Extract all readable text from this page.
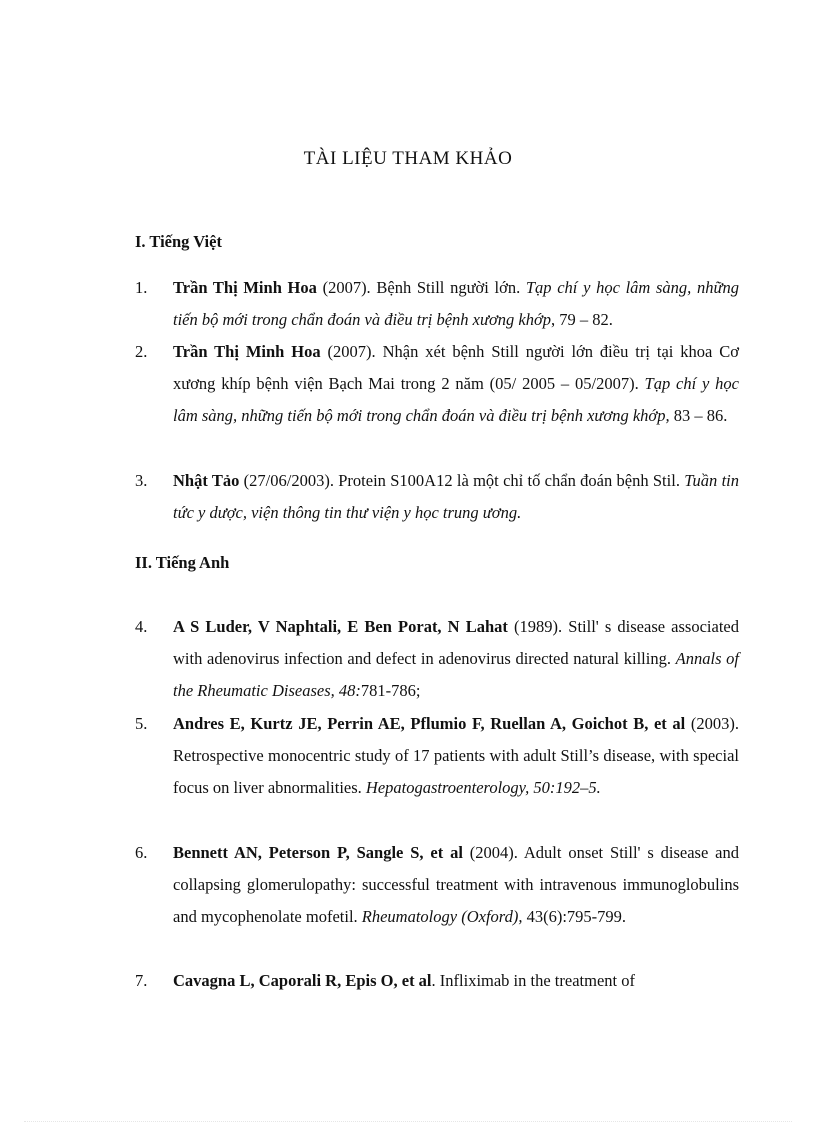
TÀI LIỆU THAM KHẢO
I. Tiếng Việt
1. Trần Thị Minh Hoa (2007). Bệnh Still người lớn. Tạp chí y học lâm sàng, những tiến bộ mới trong chẩn đoán và điều trị bệnh xương khớp, 79 – 82.
2. Trần Thị Minh Hoa (2007). Nhận xét bệnh Still người lớn điều trị tại khoa Cơ xương khíp bệnh viện Bạch Mai trong 2 năm (05/ 2005 – 05/2007). Tạp chí y học lâm sàng, những tiến bộ mới trong chẩn đoán và điều trị bệnh xương khớp, 83 – 86.
3. Nhật Tảo (27/06/2003). Protein S100A12 là một chỉ tố chẩn đoán bệnh Stil. Tuần tin tức y dược, viện thông tin thư viện y học trung ương.
II. Tiếng Anh
4. A S Luder, V Naphtali, E Ben Porat, N Lahat (1989). Still' s disease associated with adenovirus infection and defect in adenovirus directed natural killing. Annals of the Rheumatic Diseases, 48:781-786;
5. Andres E, Kurtz JE, Perrin AE, Pflumio F, Ruellan A, Goichot B, et al (2003). Retrospective monocentric study of 17 patients with adult Still’s disease, with special focus on liver abnormalities. Hepatogastroenterology, 50:192–5.
6. Bennett AN, Peterson P, Sangle S, et al (2004). Adult onset Still' s disease and collapsing glomerulopathy: successful treatment with intravenous immunoglobulins and mycophenolate mofetil. Rheumatology (Oxford), 43(6):795-799.
7. Cavagna L, Caporali R, Epis O, et al. Infliximab in the treatment of
